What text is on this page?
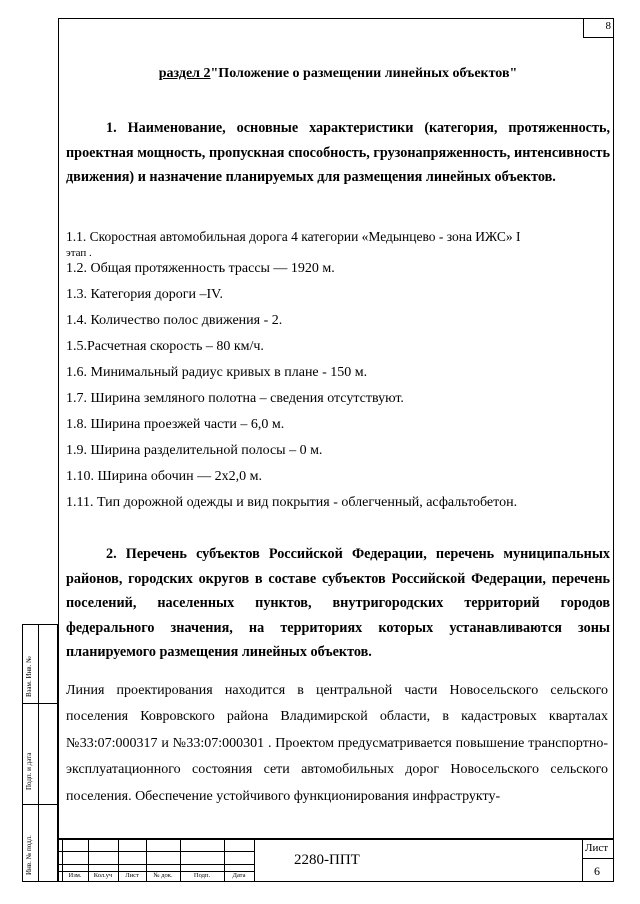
8
раздел 2"Положение о размещении линейных объектов"
1. Наименование, основные характеристики (категория, протяженность, проектная мощность, пропускная способность, грузонапряженность, интенсивность движения) и назначение планируемых для размещения линейных объектов.
1.1. Скоростная автомобильная дорога 4 категории «Медынцево - зона ИЖС» I
этап .
1.2. Общая протяженность трассы — 1920 м.
1.3. Категория дороги –IV.
1.4. Количество полос движения - 2.
1.5.Расчетная скорость – 80 км/ч.
1.6. Минимальный радиус кривых в плане - 150 м.
1.7. Ширина земляного полотна – сведения отсутствуют.
1.8. Ширина проезжей части – 6,0 м.
1.9. Ширина разделительной полосы – 0 м.
1.10. Ширина обочин — 2х2,0 м.
1.11. Тип дорожной одежды и вид покрытия - облегченный, асфальтобетон.
2. Перечень субъектов Российской Федерации, перечень муниципальных районов, городских округов в составе субъектов Российской Федерации, перечень поселений, населенных пунктов, внутригородских территорий городов федерального значения, на территориях которых устанавливаются зоны планируемого размещения линейных объектов.
Линия проектирования находится в центральной части Новосельского сельского поселения Ковровского района Владимирской области, в кадастровых кварталах №33:07:000317 и №33:07:000301 . Проектом предусматривается повышение транспортно-эксплуатационного состояния сети автомобильных дорог Новосельского сельского поселения. Обеспечение устойчивого функционирования инфраструкту-
Взам. Инв. №
Подп. и дата
Инв. № подл.
Изм.	Кол.уч	Лист	№ док.	Подп.	Дата
2280-ППТ
Лист
6
